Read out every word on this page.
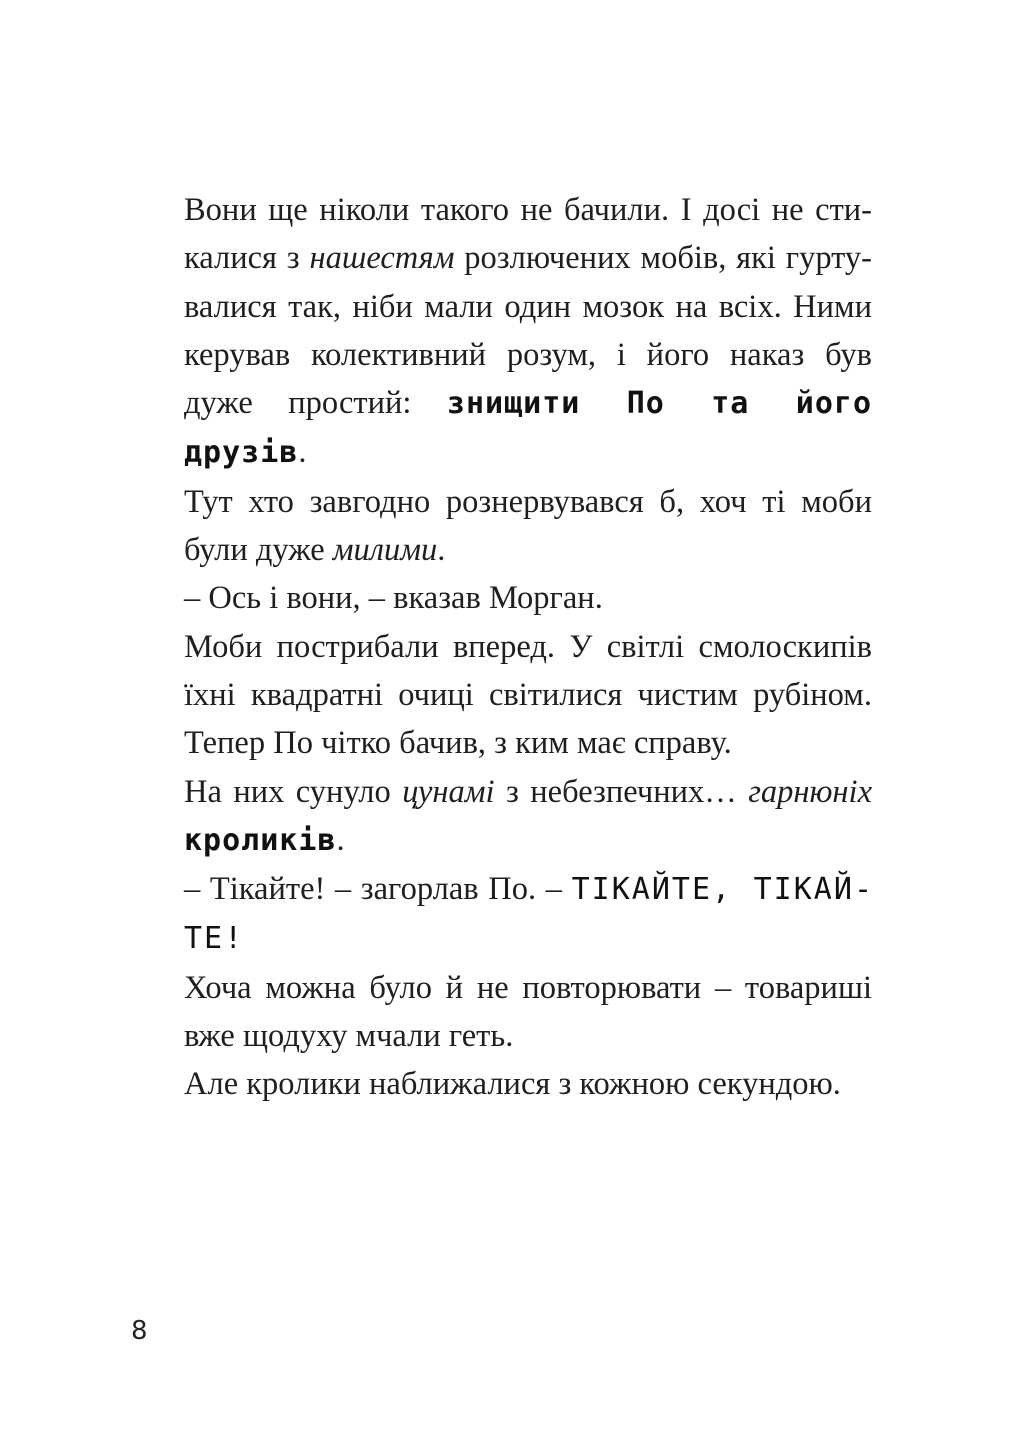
Вони ще ніколи такого не бачили. І досі не стикалися з нашестям розлючених мобів, які гуртувалися так, ніби мали один мозок на всіх. Ними керував колективний розум, і його наказ був дуже простий: знищити По та його друзів.

Тут хто завгодно рознервувався б, хоч ті моби були дуже милими.

– Ось і вони, – вказав Морган.

Моби пострибали вперед. У світлі смолоскипів їхні квадратні очиці світилися чистим рубіном. Тепер По чітко бачив, з ким має справу.

На них сунуло цунамі з небезпечних… гарнюніх кроликів.

– Тікайте! – загорлав По. – ТІКАЙТЕ, ТІКАЙТЕ!

Хоча можна було й не повторювати – товариші вже щодуху мчали геть.

Але кролики наближалися з кожною секундою.

8
